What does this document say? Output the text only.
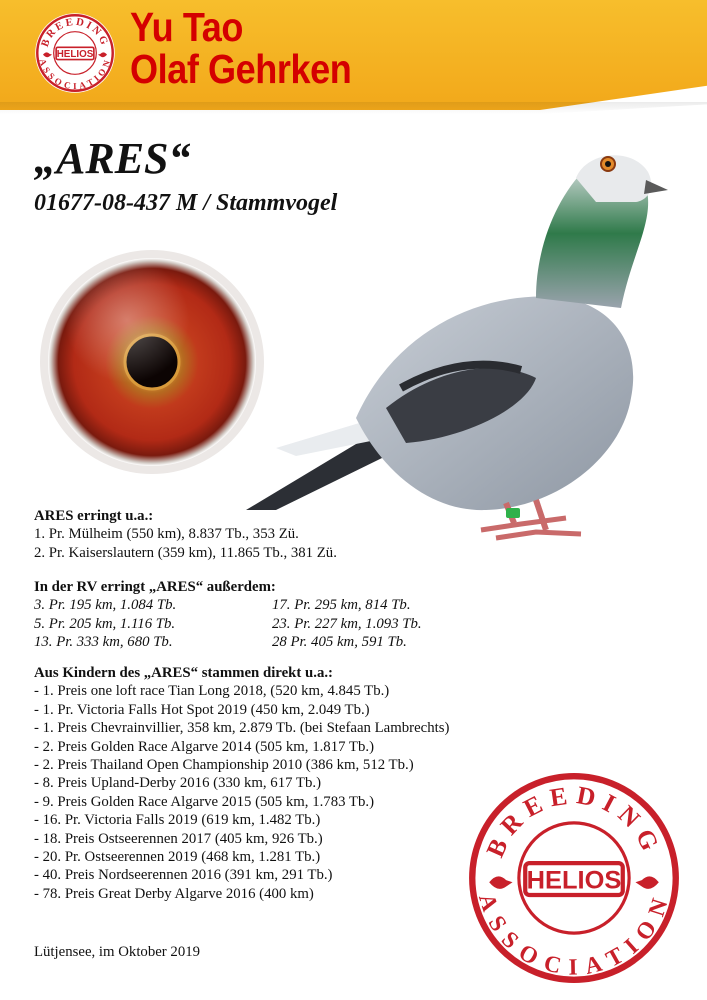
BREEDING
ASSOCIATION
HELIOS
Yu Tao
Olaf Gehrken
„ARES“
01677-08-437 M / Stammvogel
ARES erringt u.a.:
1. Pr. Mülheim (550 km), 8.837 Tb., 353 Zü.
2. Pr. Kaiserslautern (359 km), 11.865 Tb., 381 Zü.
In der RV erringt „ARES“ außerdem:
3. Pr. 195 km, 1.084 Tb.	17. Pr. 295 km, 814 Tb.
5. Pr. 205 km, 1.116 Tb.	23. Pr. 227 km, 1.093 Tb.
13. Pr. 333 km, 680 Tb.	28 Pr. 405 km, 591 Tb.
Aus Kindern des „ARES“ stammen direkt u.a.:
- 1. Preis one loft race Tian Long 2018, (520 km, 4.845 Tb.)
- 1. Pr. Victoria Falls Hot Spot 2019 (450 km, 2.049 Tb.)
- 1. Preis Chevrainvillier, 358 km, 2.879 Tb. (bei Stefaan Lambrechts)
- 2. Preis Golden Race Algarve 2014 (505 km, 1.817 Tb.)
- 2. Preis Thailand Open Championship 2010 (386 km, 512 Tb.)
- 8. Preis Upland-Derby 2016 (330 km, 617 Tb.)
- 9. Preis Golden Race Algarve 2015 (505 km, 1.783 Tb.)
- 16. Pr. Victoria Falls 2019 (619 km, 1.482 Tb.)
- 18. Preis Ostseerennen 2017 (405 km, 926 Tb.)
- 20. Pr. Ostseerennen 2019 (468 km, 1.281 Tb.)
- 40. Preis Nordseerennen 2016 (391 km, 291 Tb.)
- 78. Preis Great Derby Algarve 2016 (400 km)
BREEDING
ASSOCIATION
HELIOS
Lütjensee, im Oktober 2019
